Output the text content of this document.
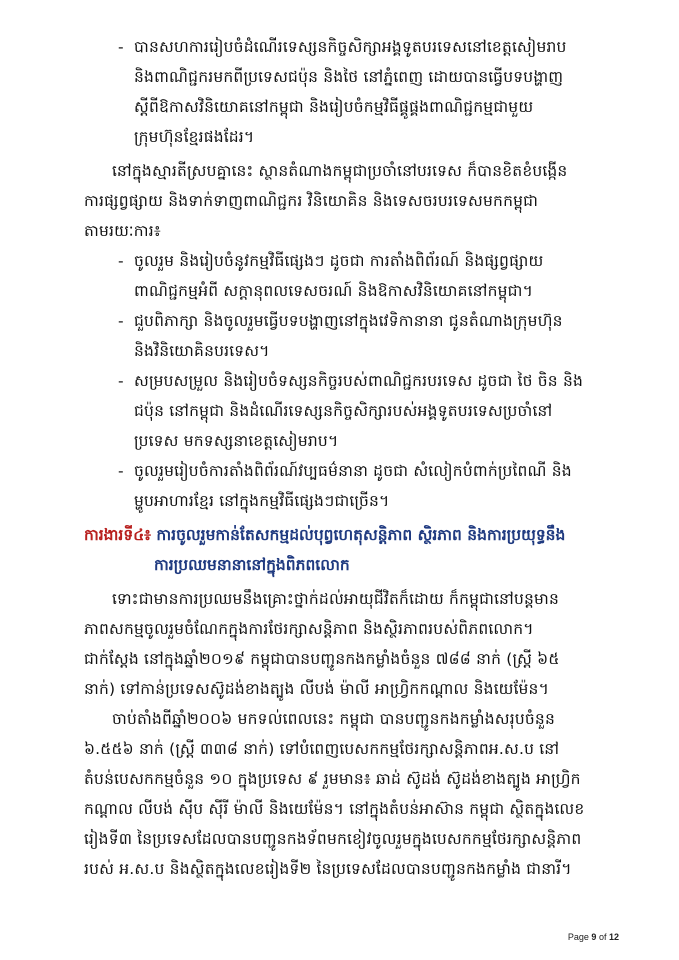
- បានសហការរៀបចំដំណើរទេស្សនកិច្ចសិក្សាអង្គទូតបរទេសនៅខេត្តសៀមរាប
និងពាណិជ្ជករមកពីប្រទេសជប៉ុន និងថៃ នៅភ្នំពេញ ដោយបានធ្វើបទបង្ហាញ
ស្ដីពីឱកាសវិនិយោគនៅកម្ពុជា និងរៀបចំកម្មវិធីផ្គូផ្គងពាណិជ្ជកម្មជាមួយ
ក្រុមហ៊ុនខ្មែរផងដែរ។
នៅក្នុងស្មារតីស្របគ្នានេះ ស្ថានតំណាងកម្ពុជាប្រចាំនៅបរទេស ក៏បានខិតខំបង្កើន
ការផ្សព្វផ្សាយ និងទាក់ទាញពាណិជ្ជករ វិនិយោគិន និងទេសចរបរទេសមកកម្ពុជា
តាមរយៈការ៖
- ចូលរួម និងរៀបចំនូវកម្មវិធីផ្សេងៗ ដូចជា ការតាំងពិព័រណ៍ និងផ្សព្វផ្សាយ
ពាណិជ្ជកម្មអំពី សក្ដានុពលទេសចរណ៍ និងឱកាសវិនិយោគនៅកម្ពុជា។
- ជួបពិភាក្សា និងចូលរួមធ្វើបទបង្ហាញនៅក្នុងវេទិកានានា ជូនតំណាងក្រុមហ៊ុន
និងវិនិយោគិនបរទេស។
- សម្របសម្រួល និងរៀបចំទស្សនកិច្ចរបស់ពាណិជ្ជករបរទេស ដូចជា ថៃ ចិន និង
ជប៉ុន នៅកម្ពុជា និងដំណើរទេស្សនកិច្ចសិក្សារបស់អង្គទូតបរទេសប្រចាំនៅ
ប្រទេស មកទស្សនាខេត្តសៀមរាប។
- ចូលរួមរៀបចំការតាំងពិព័រណ៍វប្បធម៌នានា ដូចជា សំលៀកបំពាក់ប្រពៃណី និង
ម្ហូបអាហារខ្មែរ នៅក្នុងកម្មវិធីផ្សេងៗជាច្រើន។
ការងារទី៤៖ ការចូលរួមកាន់តែសកម្មដល់បុព្វហេតុសន្តិភាព ស្ថិរភាព និងការប្រយុទ្ធនឹង
ការប្រឈមនានានៅក្នុងពិភពលោក
ទោះជាមានការប្រឈមនឹងគ្រោះថ្នាក់ដល់អាយុជីវិតក៏ដោយ ក៏កម្ពុជានៅបន្តមាន
ភាពសកម្មចូលរួមចំណែកក្នុងការថែរក្សាសន្តិភាព និងស្ថិរភាពរបស់ពិភពលោក។
ជាក់ស្ដែង នៅក្នុងឆ្នាំ២០១៩ កម្ពុជាបានបញ្ជូនកងកម្លាំងចំនួន ៧៨៨ នាក់ (ស្ត្រី ៦៥
នាក់) ទៅកាន់ប្រទេសស៊ូដង់ខាងត្បូង លីបង់ ម៉ាលី អាហ្វ្រិកកណ្ដាល និងយេម៉ែន។
ចាប់តាំងពីឆ្នាំ២០០៦ មកទល់ពេលនេះ កម្ពុជា បានបញ្ជូនកងកម្លាំងសរុបចំនួន
៦.៥៥៦ នាក់ (ស្ត្រី ៣៣៨ នាក់) ទៅបំពេញបេសកកម្មថែរក្សាសន្តិភាពអ.ស.ប នៅ
តំបន់បេសកកម្មចំនួន ១០ ក្នុងប្រទេស ៩ រួមមាន៖ ឆាដ់ ស៊ូដង់ ស៊ូដង់ខាងត្បូង អាហ្វ្រិក
កណ្ដាល លីបង់ ស៊ីប ស៊ីរី ម៉ាលី និងយេម៉ែន។ នៅក្នុងតំបន់អាស៊ាន កម្ពុជា ស្ថិតក្នុងលេខ
រៀងទី៣ នៃប្រទេសដែលបានបញ្ជូនកងទ័ពមកខៀវចូលរួមក្នុងបេសកកម្មថែរក្សាសន្តិភាព
របស់ អ.ស.ប និងស្ថិតក្នុងលេខរៀងទី២ នៃប្រទេសដែលបានបញ្ជូនកងកម្លាំង ជានារី។
Page 9 of 12
